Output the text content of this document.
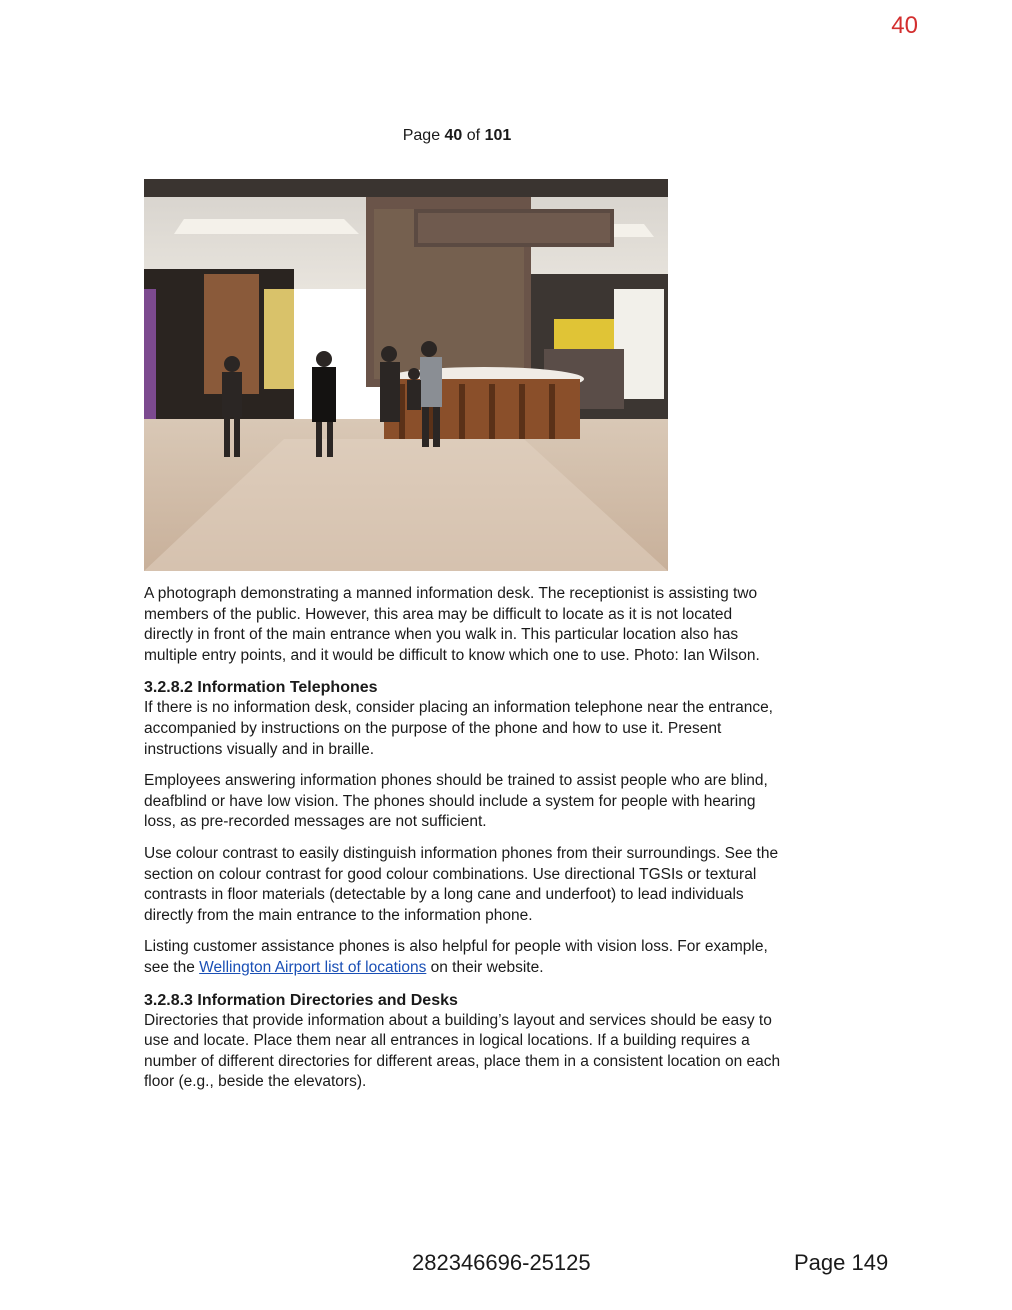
40
Page 40 of 101

A photograph demonstrating a manned information desk. The receptionist is assisting two members of the public. However, this area may be difficult to locate as it is not located directly in front of the main entrance when you walk in. This particular location also has multiple entry points, and it would be difficult to know which one to use. Photo: Ian Wilson.

3.2.8.2 Information Telephones

If there is no information desk, consider placing an information telephone near the entrance, accompanied by instructions on the purpose of the phone and how to use it. Present instructions visually and in braille.

Employees answering information phones should be trained to assist people who are blind, deafblind or have low vision. The phones should include a system for people with hearing loss, as pre-recorded messages are not sufficient.

Use colour contrast to easily distinguish information phones from their surroundings. See the section on colour contrast for good colour combinations. Use directional TGSIs or textural contrasts in floor materials (detectable by a long cane and underfoot) to lead individuals directly from the main entrance to the information phone.

Listing customer assistance phones is also helpful for people with vision loss. For example, see the Wellington Airport list of locations on their website.

3.2.8.3 Information Directories and Desks

Directories that provide information about a building’s layout and services should be easy to use and locate. Place them near all entrances in logical locations. If a building requires a number of different directories for different areas, place them in a consistent location on each floor (e.g., beside the elevators).

282346696-25125	Page 149
